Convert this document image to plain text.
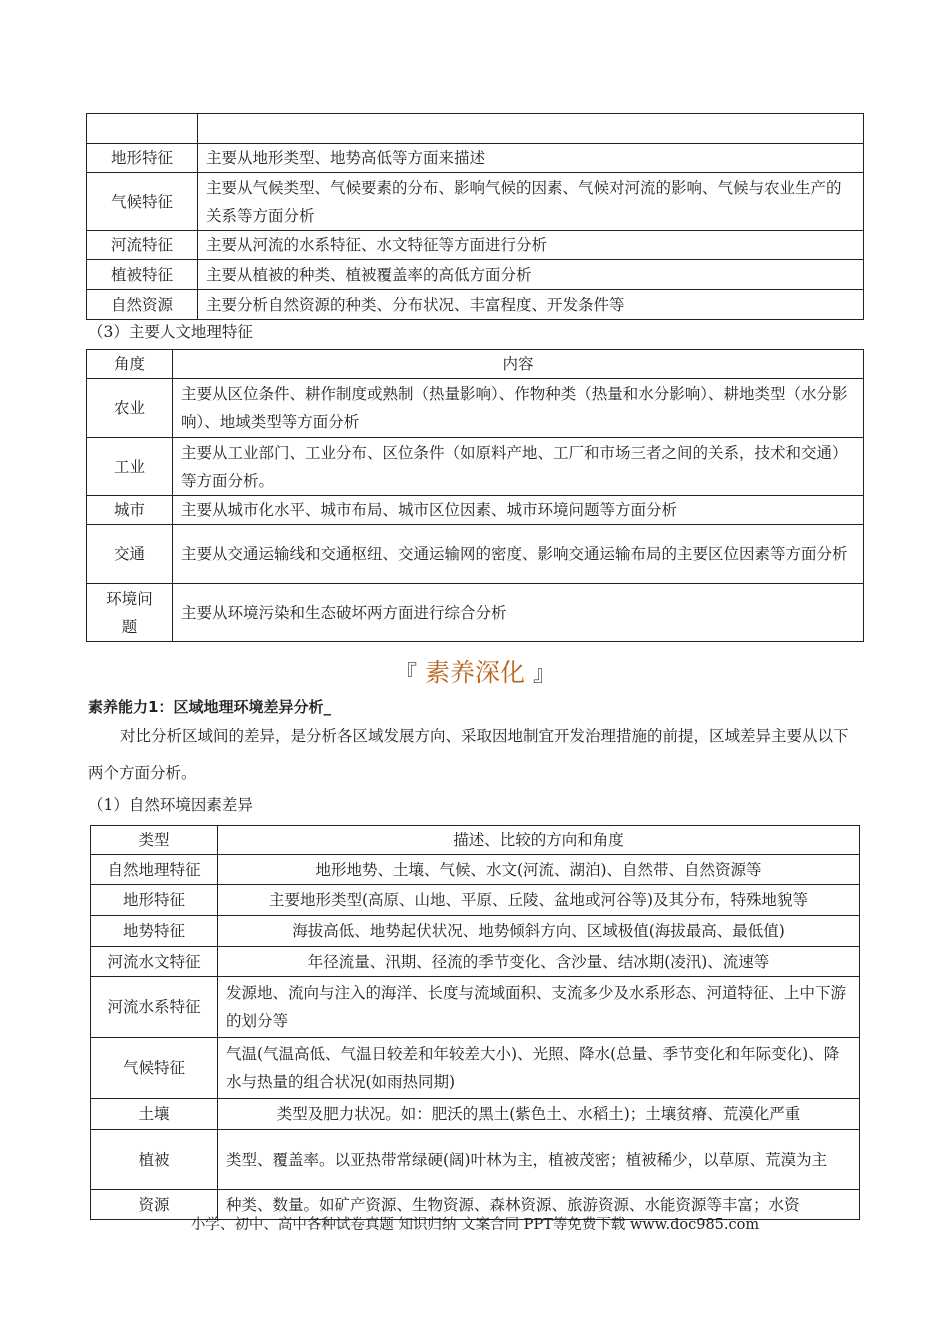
地形特征	主要从地形类型、地势高低等方面来描述
气候特征	主要从气候类型、气候要素的分布、影响气候的因素、气候对河流的影响、气候与农业生产的关系等方面分析
河流特征	主要从河流的水系特征、水文特征等方面进行分析
植被特征	主要从植被的种类、植被覆盖率的高低方面分析
自然资源	主要分析自然资源的种类、分布状况、丰富程度、开发条件等
（3）主要人文地理特征
角度	内容
农业	主要从区位条件、耕作制度或熟制（热量影响）、作物种类（热量和水分影响）、耕地类型（水分影响）、地域类型等方面分析
工业	主要从工业部门、工业分布、区位条件（如原料产地、工厂和市场三者之间的关系，技术和交通）等方面分析。
城市	主要从城市化水平、城市布局、城市区位因素、城市环境问题等方面分析
交通	主要从交通运输线和交通枢纽、交通运输网的密度、影响交通运输布局的主要区位因素等方面分析
环境问题	主要从环境污染和生态破坏两方面进行综合分析
『 素养深化 』
素养能力1：区域地理环境差异分析_
对比分析区域间的差异，是分析各区域发展方向、采取因地制宜开发治理措施的前提，区域差异主要从以下两个方面分析。
（1）自然环境因素差异
类型	描述、比较的方向和角度
自然地理特征	地形地势、土壤、气候、水文(河流、湖泊)、自然带、自然资源等
地形特征	主要地形类型(高原、山地、平原、丘陵、盆地或河谷等)及其分布，特殊地貌等
地势特征	海拔高低、地势起伏状况、地势倾斜方向、区域极值(海拔最高、最低值)
河流水文特征	年径流量、汛期、径流的季节变化、含沙量、结冰期(凌汛)、流速等
河流水系特征	发源地、流向与注入的海洋、长度与流域面积、支流多少及水系形态、河道特征、上中下游的划分等
气候特征	气温(气温高低、气温日较差和年较差大小)、光照、降水(总量、季节变化和年际变化)、降水与热量的组合状况(如雨热同期)
土壤	类型及肥力状况。如：肥沃的黑土(紫色土、水稻土)；土壤贫瘠、荒漠化严重
植被	类型、覆盖率。以亚热带常绿硬(阔)叶林为主，植被茂密；植被稀少，以草原、荒漠为主
资源	种类、数量。如矿产资源、生物资源、森林资源、旅游资源、水能资源等丰富；水资
小学、初中、高中各种试卷真题 知识归纳 文案合同 PPT等免费下载 www.doc985.com
